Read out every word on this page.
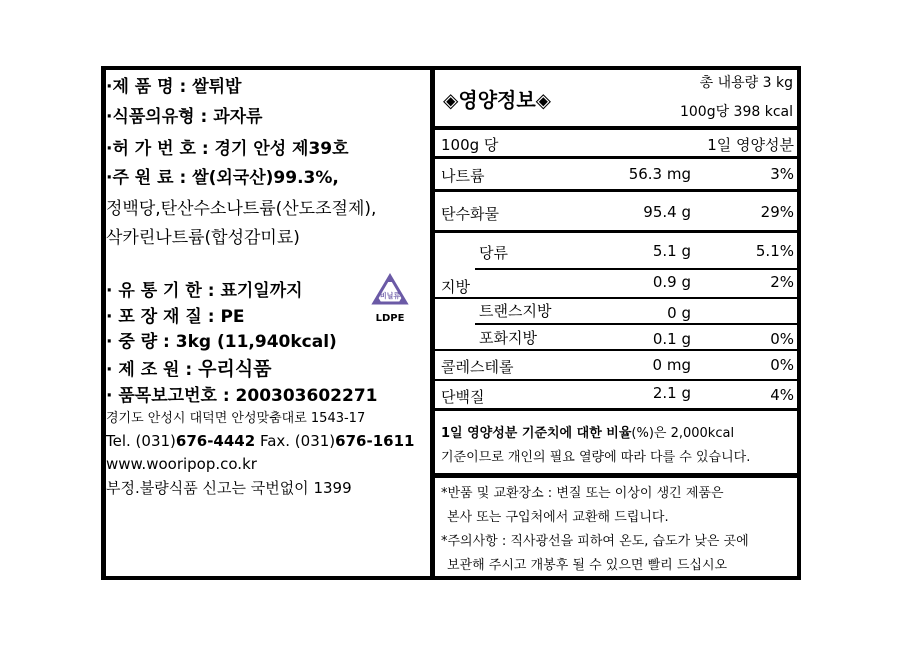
·제 품 명 : 쌀튀밥
·식품의유형 : 과자류
·허 가 번 호 : 경기 안성 제39호
·주 원 료 : 쌀(외국산)99.3%,
정백당,탄산수소나트륨(산도조절제),
삭카린나트륨(합성감미료)
· 유 통 기 한 : 표기일까지
· 포 장 재 질 : PE
· 중 량 : 3kg (11,940kcal)
· 제 조 원 : 우리식품
· 품목보고번호 : 200303602271
경기도 안성시 대덕면 안성맞춤대로 1543-17
Tel. (031)676-4442 Fax. (031)676-1611
www.wooripop.co.kr
부정.불량식품 신고는 국번없이 1399
비닐류
LDPE
◈영양정보◈
총 내용량 3 kg
100g당 398 kcal
100g 당	1일 영양성분
나트륨	56.3 mg	3%
탄수화물	95.4 g	29%
당류	5.1 g	5.1%
지방	0.9 g	2%
트랜스지방	0 g
포화지방	0.1 g	0%
콜레스테롤	0 mg	0%
단백질	2.1 g	4%
1일 영양성분 기준치에 대한 비율(%)은 2,000kcal
기준이므로 개인의 필요 열량에 따라 다를 수 있습니다.
*반품 및 교환장소 : 변질 또는 이상이 생긴 제품은
본사 또는 구입처에서 교환해 드립니다.
*주의사항 : 직사광선을 피하여 온도, 습도가 낮은 곳에
보관해 주시고 개봉후 될 수 있으면 빨리 드십시오
